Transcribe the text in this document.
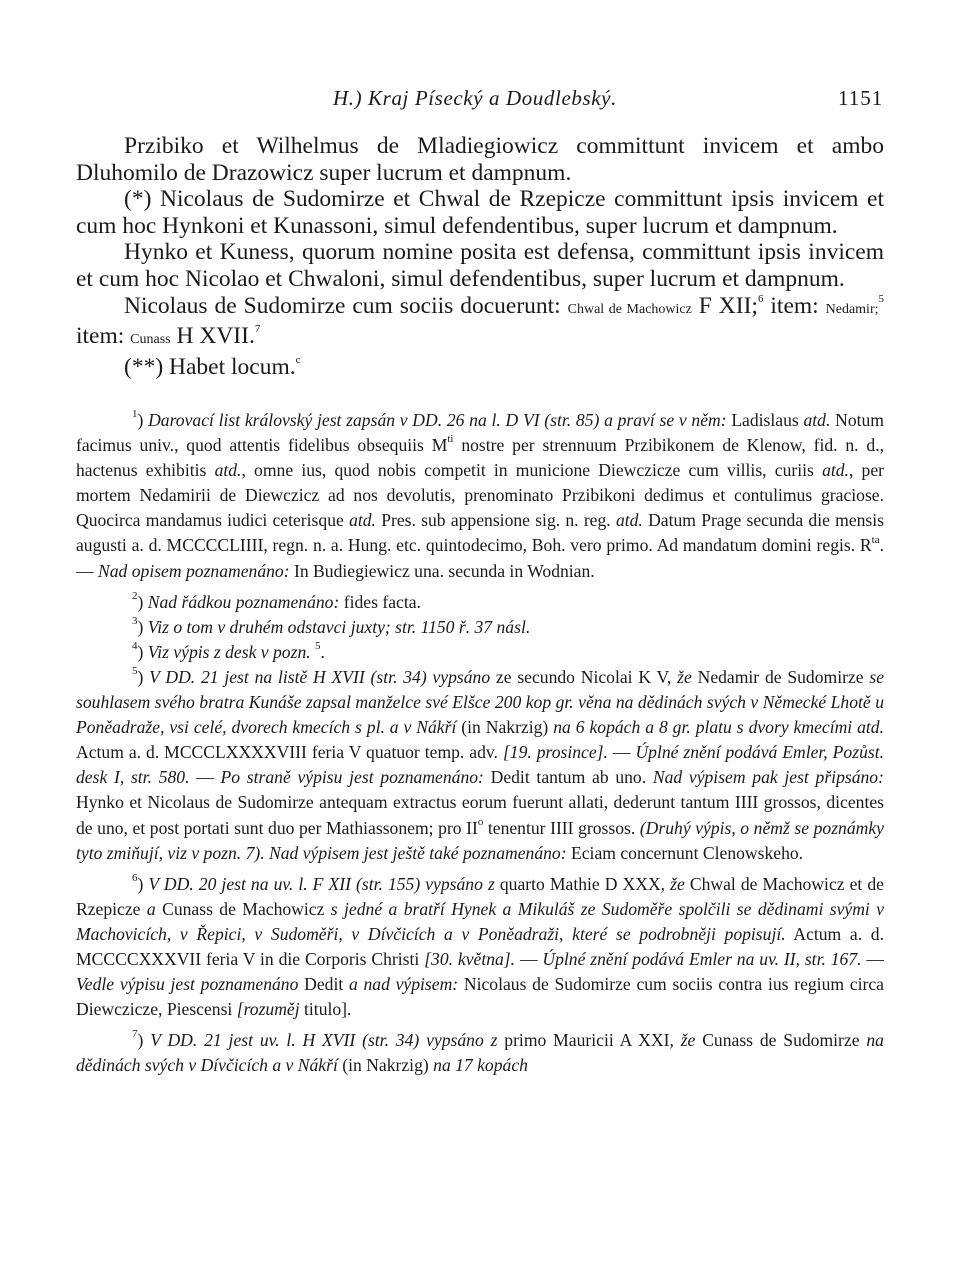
H.) Kraj Písecký a Doudlebský.	1151

Przibiko et Wilhelmus de Mladiegiowicz committunt invicem et ambo Dluhomilo de Drazowicz super lucrum et dampnum.

(*) Nicolaus de Sudomirze et Chwal de Rzepicze committunt ipsis invicem et cum hoc Hynkoni et Kunassoni, simul defendentibus, super lucrum et dampnum.

Hynko et Kuness, quorum nomine posita est defensa, committunt ipsis invicem et cum hoc Nicolao et Chwaloni, simul defendentibus, super lucrum et dampnum.

Nicolaus de Sudomirze cum sociis docuerunt: Chwal de Machowicz F XII;$^6$ item: Nedamir;$^5$ item: Cunass H XVII.$^7$

(**) Habet locum.$^c$

$^1$) Darovací list královský jest zapsán v DD. 26 na l. D VI (str. 85) a praví se v něm: Ladislaus atd. Notum facimus univ., quod attentis fidelibus obsequiis $M^{ti}$ nostre per strennuum Przibikonem de Klenow, fid. n. d., hactenus exhibitis atd., omne ius, quod nobis competit in municione Diewczicze cum villis, curiis atd., per mortem Nedamirii de Diewczicz ad nos devolutis, prenominato Przibikoni dedimus et contulimus graciose. Quocirca mandamus iudici ceterisque atd. Pres. sub appensione sig. n. reg. atd. Datum Prage secunda die mensis augusti a. d. MCCCCLIIII, regn. n. a. Hung. etc. quintodecimo, Boh. vero primo. Ad mandatum domini regis. $R^{ta}$. — Nad opisem poznamenáno: In Budiegiewicz una. secunda in Wodnian.

$^2$) Nad řádkou poznamenáno: fides facta.

$^3$) Viz o tom v druhém odstavci juxty; str. 1150 ř. 37 násl.

$^4$) Viz výpis z desk v pozn. $^5$.

$^5$) V DD. 21 jest na listě H XVII (str. 34) vypsáno ze secundo Nicolai K V, že Nedamir de Sudomirze se souhlasem svého bratra Kunáše zapsal manželce své Elšce 200 kop gr. věna na dědinách svých v Německé Lhotě u Poněadraže, vsi celé, dvorech kmecích s pl. a v Nákří (in Nakrzig) na 6 kopách a 8 gr. platu s dvory kmecími atd. Actum a. d. MCCCLXXXXVIII feria V quatuor temp. adv. [19. prosince]. — Úplné znění podává Emler, Pozůst. desk I, str. 580. — Po straně výpisu jest poznamenáno: Dedit tantum ab uno. Nad výpisem pak jest připsáno: Hynko et Nicolaus de Sudomirze antequam extractus eorum fuerunt allati, dederunt tantum IIII grossos, dicentes de uno, et post portati sunt duo per Mathiassonem; pro $II^o$ tenentur IIII grossos. (Druhý výpis, o němž se poznámky tyto zmiňují, viz v pozn. 7). Nad výpisem jest ještě také poznamenáno: Eciam concernunt Clenowskeho.

$^6$) V DD. 20 jest na uv. l. F XII (str. 155) vypsáno z quarto Mathie D XXX, že Chwal de Machowicz et de Rzepicze a Cunass de Machowicz s jedné a bratří Hynek a Mikuláš ze Sudoměře spolčili se dědinami svými v Machovicích, v Řepici, v Sudoměři, v Dívčicích a v Poněadraži, které se podrobněji popisují. Actum a. d. MCCCCXXXVII feria V in die Corporis Christi [30. května]. — Úplné znění podává Emler na uv. II, str. 167. — Vedle výpisu jest poznamenáno Dedit a nad výpisem: Nicolaus de Sudomirze cum sociis contra ius regium circa Diewczicze, Piescensi [rozuměj titulo].

$^7$) V DD. 21 jest uv. l. H XVII (str. 34) vypsáno z primo Mauricii A XXI, že Cunass de Sudomirze na dědinách svých v Dívčicích a v Nákří (in Nakrzig) na 17 kopách
